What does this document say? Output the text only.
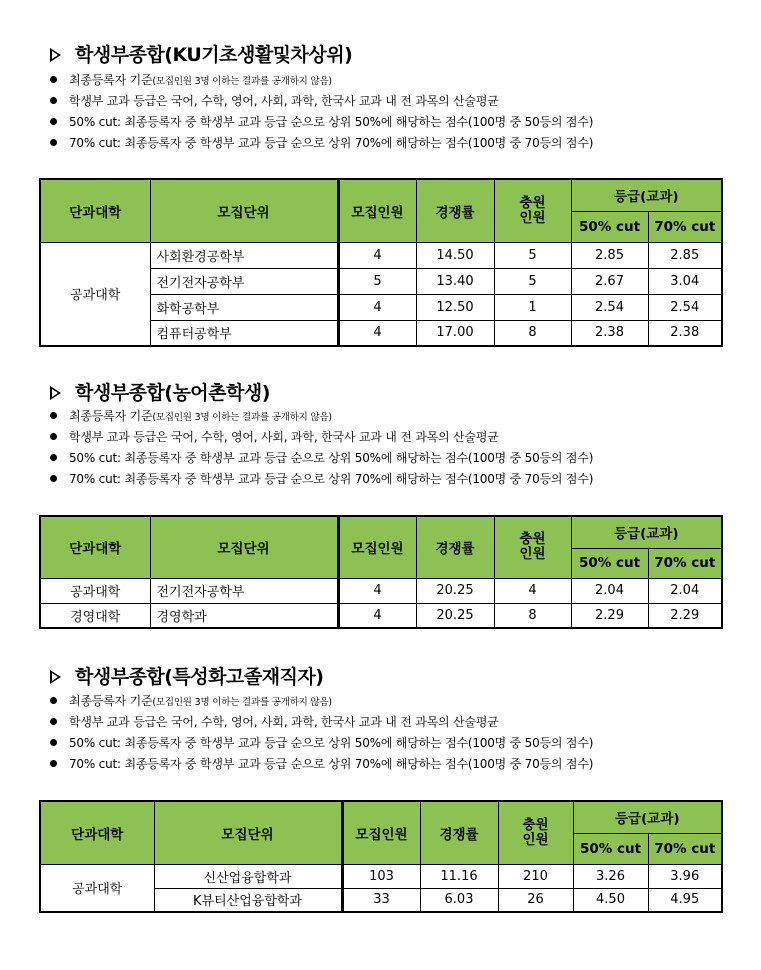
학생부종합(KU기초생활및차상위)
최종등록자 기준(모집인원 3명 이하는 결과를 공개하지 않음)
학생부 교과 등급은 국어, 수학, 영어, 사회, 과학, 한국사 교과 내 전 과목의 산술평균
50% cut: 최종등록자 중 학생부 교과 등급 순으로 상위 50%에 해당하는 점수(100명 중 50등의 점수)
70% cut: 최종등록자 중 학생부 교과 등급 순으로 상위 70%에 해당하는 점수(100명 중 70등의 점수)
단과대학	모집단위	모집인원	경쟁률	충원
인원	등급(교과)	
					50% cut	70% cut
공과대학	사회환경공학부	4	14.50	5	2.85	2.85
	전기전자공학부	5	13.40	5	2.67	3.04
	화학공학부	4	12.50	1	2.54	2.54
	컴퓨터공학부	4	17.00	8	2.38	2.38
학생부종합(농어촌학생)
최종등록자 기준(모집인원 3명 이하는 결과를 공개하지 않음)
학생부 교과 등급은 국어, 수학, 영어, 사회, 과학, 한국사 교과 내 전 과목의 산술평균
50% cut: 최종등록자 중 학생부 교과 등급 순으로 상위 50%에 해당하는 점수(100명 중 50등의 점수)
70% cut: 최종등록자 중 학생부 교과 등급 순으로 상위 70%에 해당하는 점수(100명 중 70등의 점수)
단과대학	모집단위	모집인원	경쟁률	충원
인원	등급(교과)	
					50% cut	70% cut
공과대학	전기전자공학부	4	20.25	4	2.04	2.04
경영대학	경영학과	4	20.25	8	2.29	2.29
학생부종합(특성화고졸재직자)
최종등록자 기준(모집인원 3명 이하는 결과를 공개하지 않음)
학생부 교과 등급은 국어, 수학, 영어, 사회, 과학, 한국사 교과 내 전 과목의 산술평균
50% cut: 최종등록자 중 학생부 교과 등급 순으로 상위 50%에 해당하는 점수(100명 중 50등의 점수)
70% cut: 최종등록자 중 학생부 교과 등급 순으로 상위 70%에 해당하는 점수(100명 중 70등의 점수)
단과대학	모집단위	모집인원	경쟁률	충원
인원	등급(교과)	
					50% cut	70% cut
공과대학	신산업융합학과	103	11.16	210	3.26	3.96
	K뷰티산업융합학과	33	6.03	26	4.50	4.95
